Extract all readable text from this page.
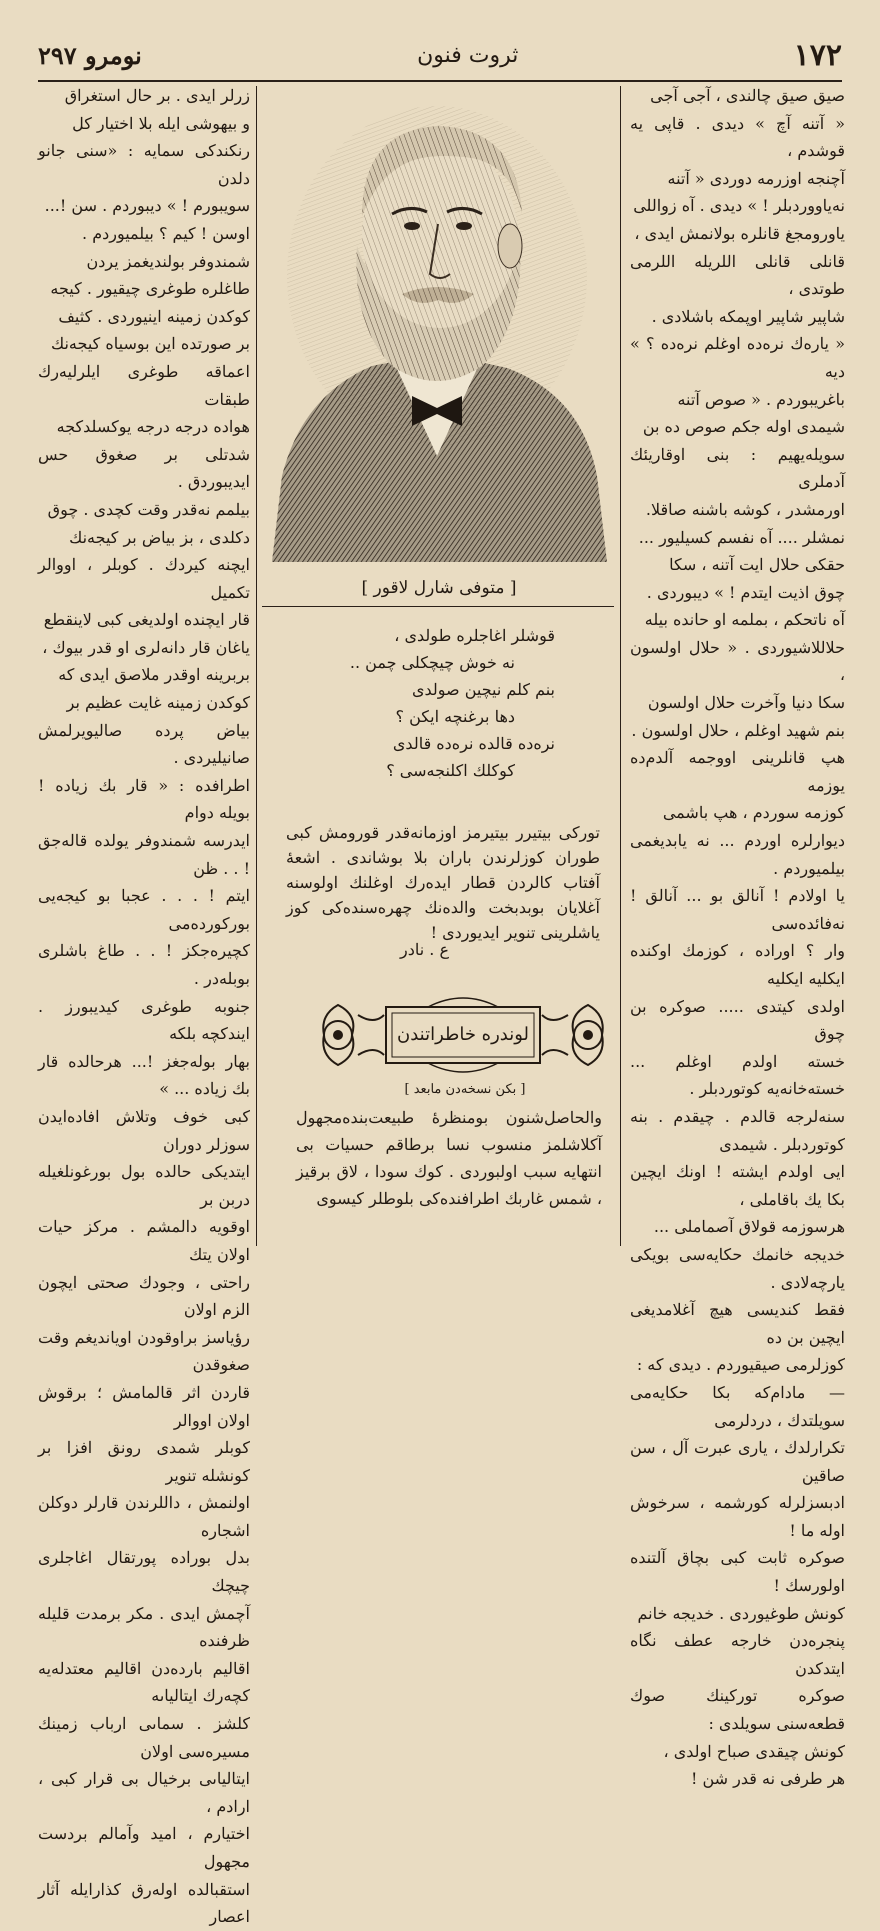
١٧٢
ثروت فنون
نومرو ۲۹۷

صيق صيق چالندى ، آجى آجى

« آتنه آچ » ديدى . قاپى يه قوشدم ،

آچنجه اوزرمه دوردى « آتنه

نه‌ياووردبلر ! » ديدى . آه زواللى

ياورومجغ قانلره بولانمش ايدى ،

قانلى قانلى اللريله اللرمى طوتدى ،

شاپير شاپير اوپمكه باشلادى .

« ياره‌ك نره‌ده اوغلم نره‌ده ؟ » ديه

باغريبوردم . « صوص آتنه

شيمدى اوله جكم صوص ده بن

سويله‌يهيم : بنى اوقاريئك آدملرى

اورمشدر ، كوشه باشنه صاقلا.

نمشلر .... آه نفسم كسيليور ...

حقكى حلال ايت آتنه ، سكا

چوق اذيت ايتدم ! » ديبوردى .

آه ناتحكم ، بملمه او حانده بيله

حلاللاشيوردى . « حلال اولسون ،

سكا دنيا وآخرت حلال اولسون

بنم شهيد اوغلم ، حلال اولسون .

هپ قانلرينى اووجمه آلدم‌ده يوزمه

كوزمه سوردم ، هپ باشمى

ديوارلره اوردم ... نه يابديغمى بيلميوردم .

يا اولادم ! آنالق بو ... آنالق ! نه‌فائده‌سى

وار ؟ اوراده ، كوزمك اوكنده ايكليه ايكليه

اولدى كيتدى ..... صوكره بن چوق

خسته اولدم اوغلم ... خسته‌خانه‌يه كوتوردبلر .

سنه‌لرجه قالدم . چيقدم . بنه كوتوردبلر . شيمدى

ايى اولدم ايشته ! اونك ايچين بكا يك باقاملى ،

هرسوزمه قولاق آصماملى ...

خديجه خانمك حكايه‌سى بويكى يارچه‌لادى .

فقط كنديسى هيچ آغلامديغى ايچين بن ده

كوزلرمى صيقيوردم . ديدى كه :

— مادام‌كه بكا حكايه‌مى سويلتدك ، دردلرمى

تكرارلدك ، يارى عبرت آل ، سن صاقين

ادبسزلرله كورشمه ، سرخوش اوله ما !

صوكره ثابت كبى بچاق آلتنده اولورسك !

كونش طوغيوردى . خديجه خانم

پنجره‌دن خارجه عطف نگاه ايتدكدن

صوكره توركينك صوك قطعه‌سنى سويلدى :

كونش چيقدى صباح اولدى ،

هر طرفى نه قدر شن !

زرلر ايدى . بر حال استغراق

و بيهوشى ايله بلا اختيار كل

رنكندكى سمايه : «سنى جانو دلدن

سويبورم ! » ديبوردم . سن !...

اوسن ! كيم ؟ بيلميوردم .

شمندوفر بولنديغمز يردن

طاغلره طوغرى چيقيور . كيجه

كوكدن زمينه اينيوردى . كثيف

بر صورتده اين بوسياه كيجه‌نك

اعماقه طوغرى ايلرليه‌رك طبقات

هواده درجه درجه يوكسلدكجه

شدتلى بر صغوق حس ايديبوردق .

بيلمم نه‌قدر وقت كچدى . چوق

دكلدى ، بز بياض بر كيجه‌نك

ايچنه كيردك . كوبلر ، اووالر تكميل

قار ايچنده اولديغى كبى لاينقطع

ياغان قار دانه‌لرى او قدر بيوك ،

بربرينه اوقدر ملاصق ايدى كه

كوكدن زمينه غايت عظيم بر

بياض پرده صاليويرلمش صانيليردى .

اطرافده : « قار بك زياده ! بويله دوام

ايدرسه شمندوفر يولده قالەجق ! . . ظن

ايتم ! . . . عجبا بو كيجه‌يى بوركورده‌مى

كچيره‌جكز ! . . طاغ باشلرى بوبله‌در .

جنوبه طوغرى كيديبورز . ايندكچه بلكه

بهار بوله‌جغز !... هرحالده قار بك زياده ... »

كبى خوف وتلاش افاده‌ايدن سوزلر دوران

ايتديكى حالده بول بورغونلغيله دربن بر

اوقويه دالمشم . مركز حيات اولان يتك

راحتى ، وجودك صحتى ايچون الزم اولان

رؤياسز براوقودن اويانديغم وقت صغوقدن

قاردن اثر قالمامش ؛ برقوش اولان اووالر

كوبلر شمدى رونق افزا بر كونشله تنوير

اولنمش ، داللرندن قارلر دوكلن اشجاره

بدل بوراده پورتقال اغاجلرى چيچك

آچمش ايدى . مكر برمدت قليله ظرفنده

اقاليم بارده‌دن اقاليم معتدله‌يه كچه‌رك ايتالياىه

كلشز . سماىى ارباب زمينك مسيره‌سى اولان

ايتالياىى برخيال بى قرار كبى ، ارادم ،

اختيارم ، اميد وآمالم بردست مجهول

استقبالده اولەرق كذارايله آثار اعصار

[ متوفى شارل لاقور ]
قوشلر اغاجلره طولدى ،
نه خوش چيچكلى چمن ..
بنم كلم نيچين صولدى
دها برغنچه ايكن ؟
نره‌ده قالده نره‌ده قالدى
كوكلك اكلنجه‌سى ؟
توركى بيتيرر بيتيرمز اوزمانه‌قدر قورومش كبى طوران كوزلرندن باران بلا بوشاندى . اشعهٔ آفتاب كالردن قطار ايدەرك اوغلنك اولوسنه آغلايان بوبدبخت والده‌نك چهره‌سنده‌كى كوز ياشلرينى تنوير ايديوردى !
ع . نادر
لوندره خاطراتندن
[ بكن نسخه‌دن مابعد ]
والحاصل‌شنون بومنظرهٔ طبيعت‌بنده‌مجهول آكلاشلمز منسوب نسا برطاقم حسيات بى انتهايه سبب اولبوردى . كوك سودا ، لاق برقيز ، شمس غاربك اطرافنده‌كى بلوطلر كيسوى
